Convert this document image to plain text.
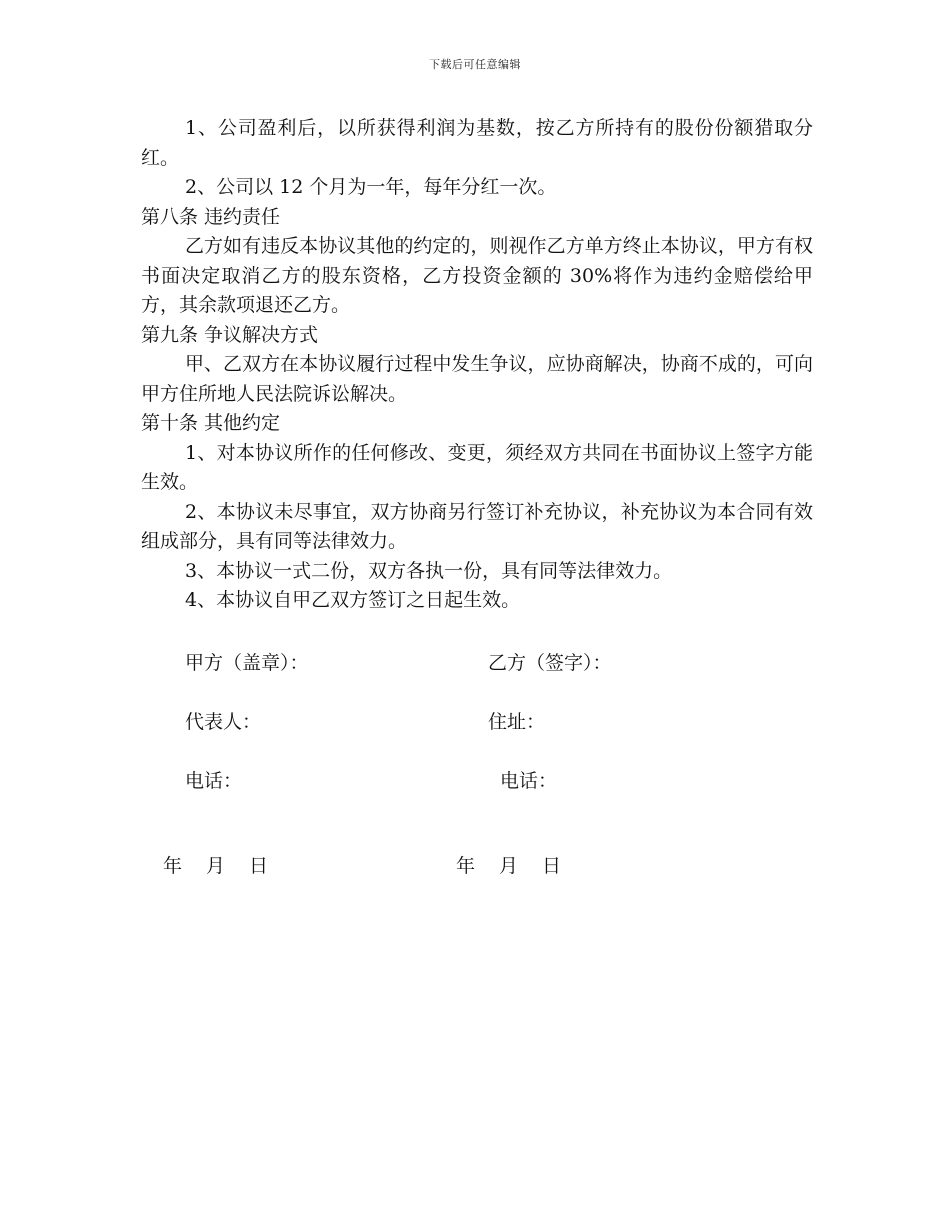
下载后可任意编辑

1、公司盈利后，以所获得利润为基数，按乙方所持有的股份份额猎取分红。

2、公司以 12 个月为一年，每年分红一次。

第八条 违约责任

乙方如有违反本协议其他的约定的，则视作乙方单方终止本协议，甲方有权书面决定取消乙方的股东资格，乙方投资金额的 30%将作为违约金赔偿给甲方，其余款项退还乙方。

第九条 争议解决方式

甲、乙双方在本协议履行过程中发生争议，应协商解决，协商不成的，可向甲方住所地人民法院诉讼解决。

第十条 其他约定

1、对本协议所作的任何修改、变更，须经双方共同在书面协议上签字方能生效。

2、本协议未尽事宜，双方协商另行签订补充协议，补充协议为本合同有效组成部分，具有同等法律效力。

3、本协议一式二份，双方各执一份，具有同等法律效力。

4、本协议自甲乙双方签订之日起生效。

甲方（盖章）：	乙方（签字）：
代表人：	住址：
电话：	电话：
年 月 日	年 月 日
